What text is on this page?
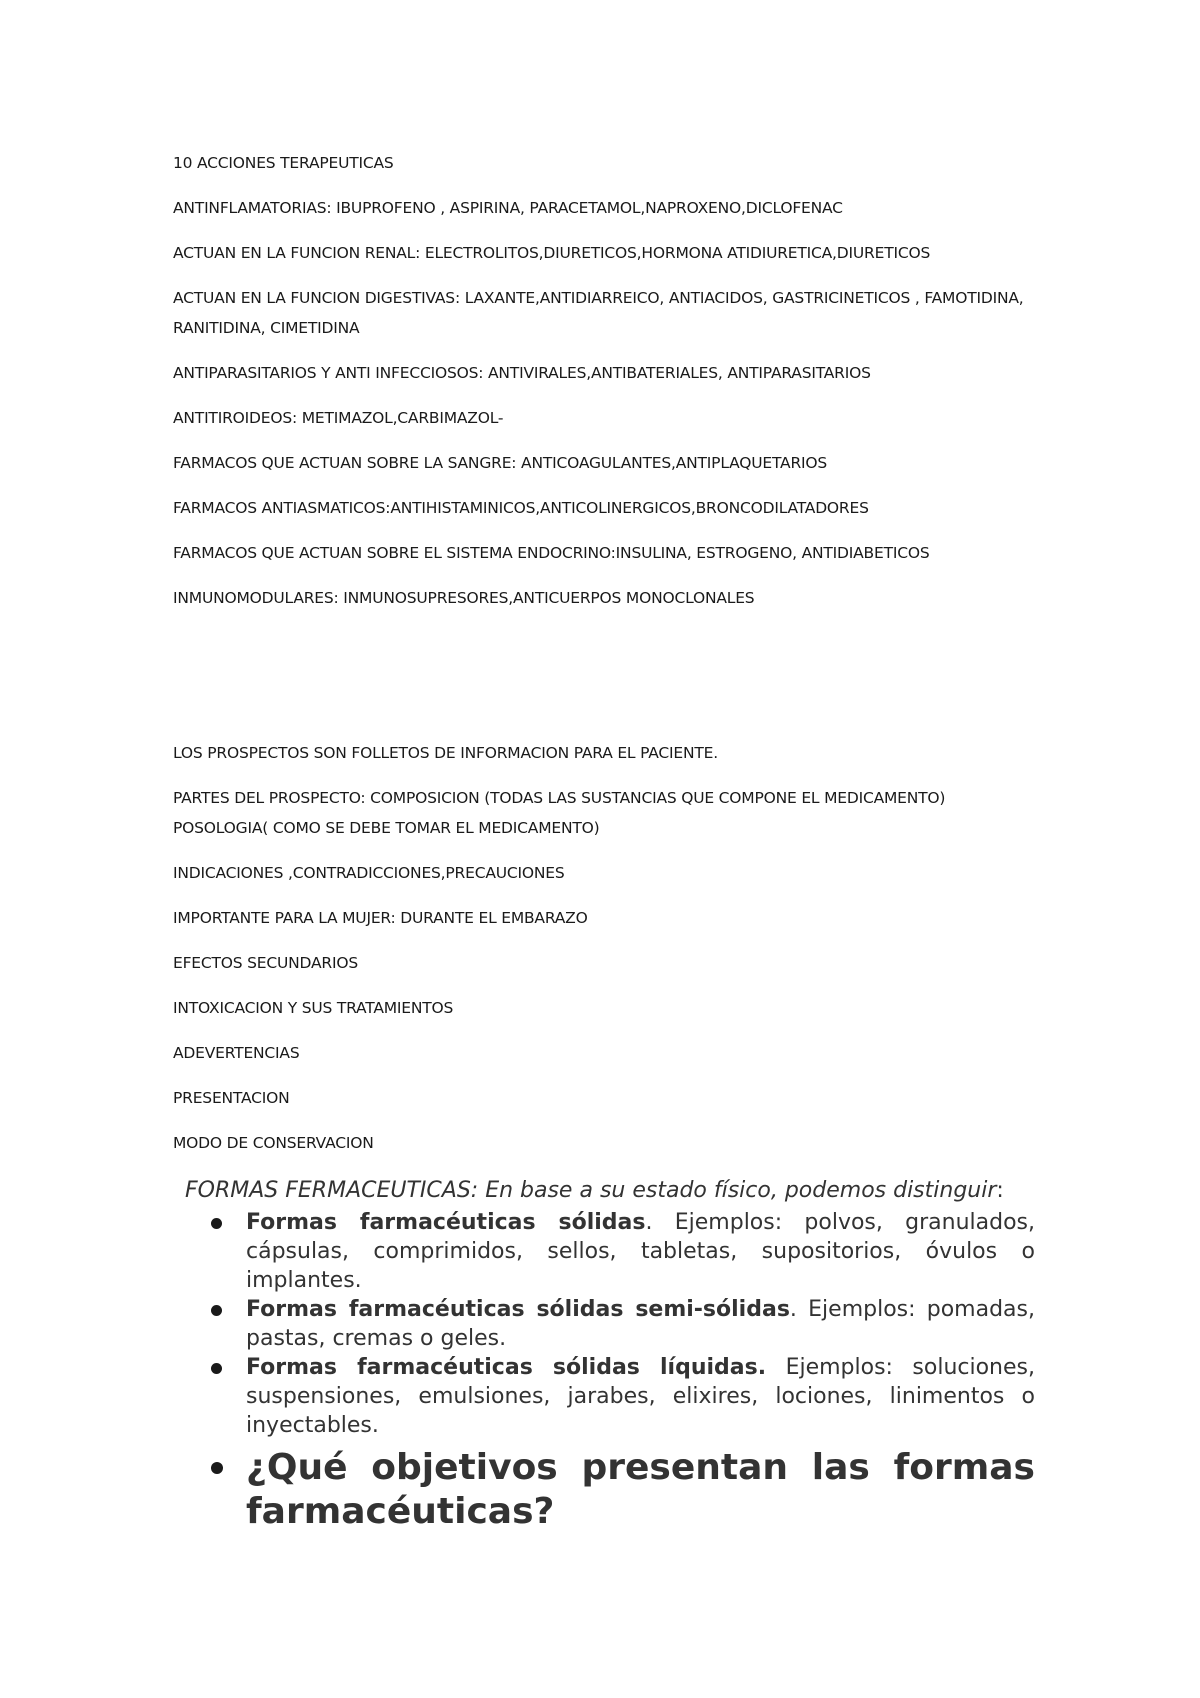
10 ACCIONES TERAPEUTICAS

ANTINFLAMATORIAS: IBUPROFENO , ASPIRINA, PARACETAMOL,NAPROXENO,DICLOFENAC

ACTUAN EN LA FUNCION RENAL: ELECTROLITOS,DIURETICOS,HORMONA ATIDIURETICA,DIURETICOS

ACTUAN EN LA FUNCION DIGESTIVAS: LAXANTE,ANTIDIARREICO, ANTIACIDOS, GASTRICINETICOS , FAMOTIDINA, RANITIDINA, CIMETIDINA

ANTIPARASITARIOS Y ANTI INFECCIOSOS: ANTIVIRALES,ANTIBATERIALES, ANTIPARASITARIOS

ANTITIROIDEOS: METIMAZOL,CARBIMAZOL-

FARMACOS QUE ACTUAN SOBRE LA SANGRE: ANTICOAGULANTES,ANTIPLAQUETARIOS

FARMACOS ANTIASMATICOS:ANTIHISTAMINICOS,ANTICOLINERGICOS,BRONCODILATADORES

FARMACOS QUE ACTUAN SOBRE EL SISTEMA ENDOCRINO:INSULINA, ESTROGENO, ANTIDIABETICOS

INMUNOMODULARES: INMUNOSUPRESORES,ANTICUERPOS MONOCLONALES

LOS PROSPECTOS SON FOLLETOS DE INFORMACION PARA EL PACIENTE.

PARTES DEL PROSPECTO: COMPOSICION (TODAS LAS SUSTANCIAS QUE COMPONE EL MEDICAMENTO) POSOLOGIA( COMO SE DEBE TOMAR EL MEDICAMENTO)

INDICACIONES ,CONTRADICCIONES,PRECAUCIONES

IMPORTANTE PARA LA MUJER: DURANTE EL EMBARAZO

EFECTOS SECUNDARIOS

INTOXICACION Y SUS TRATAMIENTOS

ADEVERTENCIAS

PRESENTACION

MODO DE CONSERVACION

FORMAS FERMACEUTICAS: En base a su estado físico, podemos distinguir:

Formas farmacéuticas sólidas. Ejemplos: polvos, granulados, cápsulas, comprimidos, sellos, tabletas, supositorios, óvulos o implantes.
Formas farmacéuticas sólidas semi-sólidas. Ejemplos: pomadas, pastas, cremas o geles.
Formas farmacéuticas sólidas líquidas. Ejemplos: soluciones, suspensiones, emulsiones, jarabes, elixires, lociones, linimentos o inyectables.
¿Qué objetivos presentan las formas farmacéuticas?
